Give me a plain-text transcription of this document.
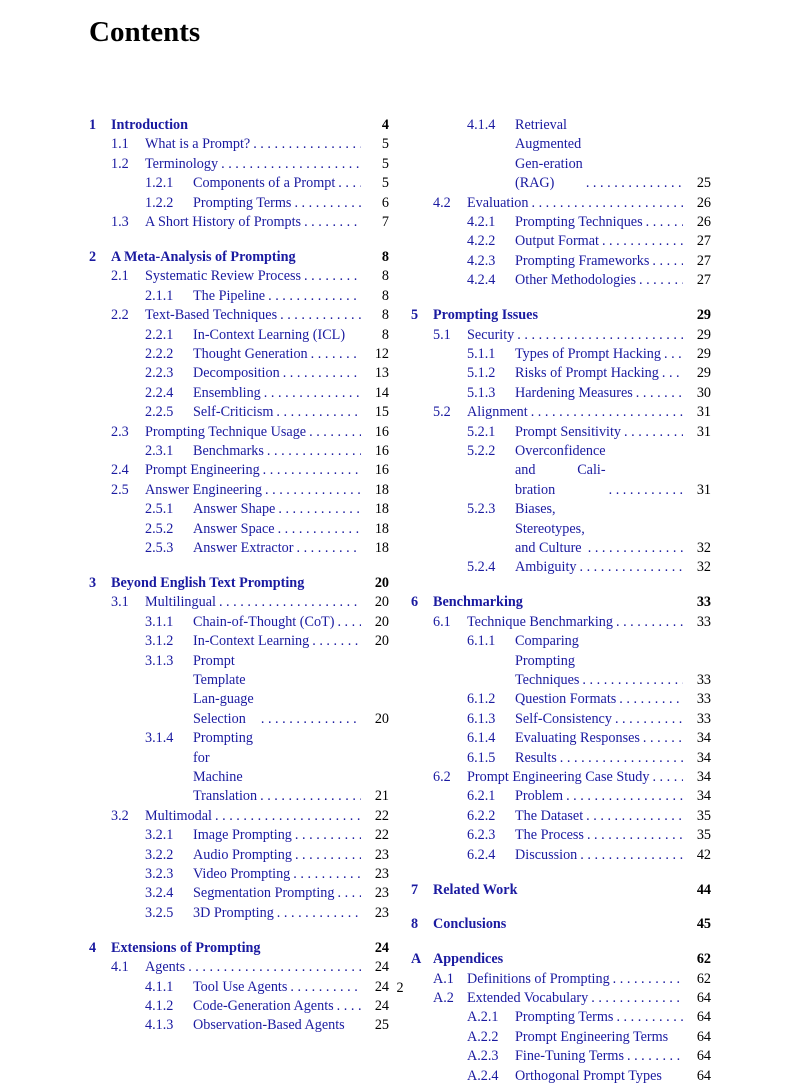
Contents
1 Introduction	4
1.1 What is a Prompt? . . .	5
1.2 Terminology . . .	5
1.2.1 Components of a Prompt . . .	5
1.2.2 Prompting Terms . . .	6
1.3 A Short History of Prompts . . .	7
2 A Meta-Analysis of Prompting	8
2.1 Systematic Review Process . . .	8
2.1.1 The Pipeline . . .	8
2.2 Text-Based Techniques . . .	8
2.2.1 In-Context Learning (ICL)	8
2.2.2 Thought Generation . . .	12
2.2.3 Decomposition . . .	13
2.2.4 Ensembling . . .	14
2.2.5 Self-Criticism . . .	15
2.3 Prompting Technique Usage . . .	16
2.3.1 Benchmarks . . .	16
2.4 Prompt Engineering . . .	16
2.5 Answer Engineering . . .	18
2.5.1 Answer Shape . . .	18
2.5.2 Answer Space . . .	18
2.5.3 Answer Extractor . . .	18
3 Beyond English Text Prompting	20
3.1 Multilingual . . .	20
3.1.1 Chain-of-Thought (CoT) . . .	20
3.1.2 In-Context Learning . . .	20
3.1.3 Prompt Template Lan-guage Selection . . .	20
3.1.4 Prompting for Machine Translation . . .	21
3.2 Multimodal . . .	22
3.2.1 Image Prompting . . .	22
3.2.2 Audio Prompting . . .	23
3.2.3 Video Prompting . . .	23
3.2.4 Segmentation Prompting . . .	23
3.2.5 3D Prompting . . .	23
4 Extensions of Prompting	24
4.1 Agents . . .	24
4.1.1 Tool Use Agents . . .	24
4.1.2 Code-Generation Agents . . .	24
4.1.3 Observation-Based Agents	25
4.1.4 Retrieval Augmented Gen-eration (RAG) . . .	25
4.2 Evaluation . . .	26
4.2.1 Prompting Techniques . . .	26
4.2.2 Output Format . . .	27
4.2.3 Prompting Frameworks . . .	27
4.2.4 Other Methodologies . . .	27
5 Prompting Issues	29
5.1 Security . . .	29
5.1.1 Types of Prompt Hacking . . .	29
5.1.2 Risks of Prompt Hacking . . .	29
5.1.3 Hardening Measures . . .	30
5.2 Alignment . . .	31
5.2.1 Prompt Sensitivity . . .	31
5.2.2 Overconfidence and Cali-bration . . .	31
5.2.3 Biases, Stereotypes, and Culture . . .	32
5.2.4 Ambiguity . . .	32
6 Benchmarking	33
6.1 Technique Benchmarking . . .	33
6.1.1 Comparing Prompting Techniques . . .	33
6.1.2 Question Formats . . .	33
6.1.3 Self-Consistency . . .	33
6.1.4 Evaluating Responses . . .	34
6.1.5 Results . . .	34
6.2 Prompt Engineering Case Study . . .	34
6.2.1 Problem . . .	34
6.2.2 The Dataset . . .	35
6.2.3 The Process . . .	35
6.2.4 Discussion . . .	42
7 Related Work	44
8 Conclusions	45
A Appendices	62
A.1 Definitions of Prompting . . .	62
A.2 Extended Vocabulary . . .	64
A.2.1 Prompting Terms . . .	64
A.2.2 Prompt Engineering Terms	64
A.2.3 Fine-Tuning Terms . . .	64
A.2.4 Orthogonal Prompt Types	64
2
